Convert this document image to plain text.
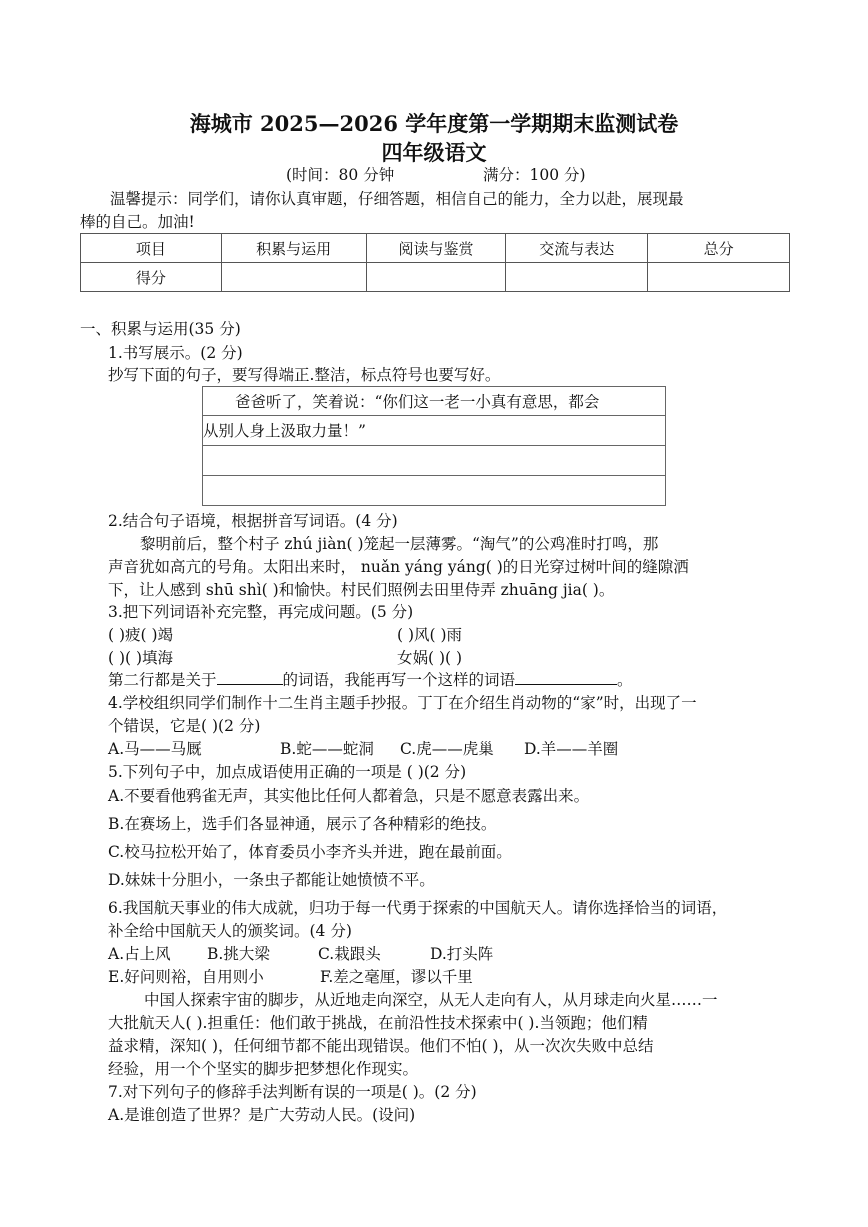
海城市 2025—2026 学年度第一学期期末监测试卷
四年级语文
(时间：80 分钟	满分：100 分)
温馨提示：同学们，请你认真审题，仔细答题，相信自己的能力，全力以赴，展现最
棒的自己。加油!
项目	积累与运用	阅读与鉴赏	交流与表达	总分
得分				
一、积累与运用(35 分)
1.书写展示。(2 分)
抄写下面的句子，要写得端正.整洁，标点符号也要写好。
爸爸听了，笑着说：“你们这一老一小真有意思，都会
从别人身上汲取力量！”
2.结合句子语境，根据拼音写词语。(4 分)
黎明前后，整个村子 zhú jiàn( )笼起一层薄雾。“淘气”的公鸡准时打鸣，那
声音犹如高亢的号角。太阳出来时， nuǎn yáng yáng( )的日光穿过树叶间的缝隙洒
下，让人感到 shū shì( )和愉快。村民们照例去田里侍弄 zhuāng jia( )。
3.把下列词语补充完整，再完成问题。(5 分)
( )疲( )竭	( )风( )雨
( )( )填海	女娲( )( )
第二行都是关于	的词语，我能再写一个这样的词语	。
4.学校组织同学们制作十二生肖主题手抄报。丁丁在介绍生肖动物的“家”时，出现了一
个错误，它是( )(2 分)
A.马——马厩	B.蛇——蛇洞 C.虎——虎巢 D.羊——羊圈
5.下列句子中，加点成语使用正确的一项是 ( )(2 分)
A.不要看他鸦雀无声，其实他比任何人都着急，只是不愿意表露出来。
B.在赛场上，选手们各显神通，展示了各种精彩的绝技。
C.校马拉松开始了，体育委员小李齐头并进，跑在最前面。
D.妹妹十分胆小，一条虫子都能让她愤愤不平。
6.我国航天事业的伟大成就，归功于每一代勇于探索的中国航天人。请你选择恰当的词语，
补全给中国航天人的颁奖词。(4 分)
A.占上风 B.挑大梁	C.栽跟头	D.打头阵
E.好问则裕，自用则小	F.差之毫厘，谬以千里
中国人探索宇宙的脚步，从近地走向深空，从无人走向有人，从月球走向火星……一
大批航天人( ).担重任：他们敢于挑战，在前沿性技术探索中( ).当领跑；他们精
益求精，深知( )，任何细节都不能出现错误。他们不怕( )，从一次次失败中总结
经验，用一个个坚实的脚步把梦想化作现实。
7.对下列句子的修辞手法判断有误的一项是( )。(2 分)
A.是谁创造了世界？是广大劳动人民。(设问)
